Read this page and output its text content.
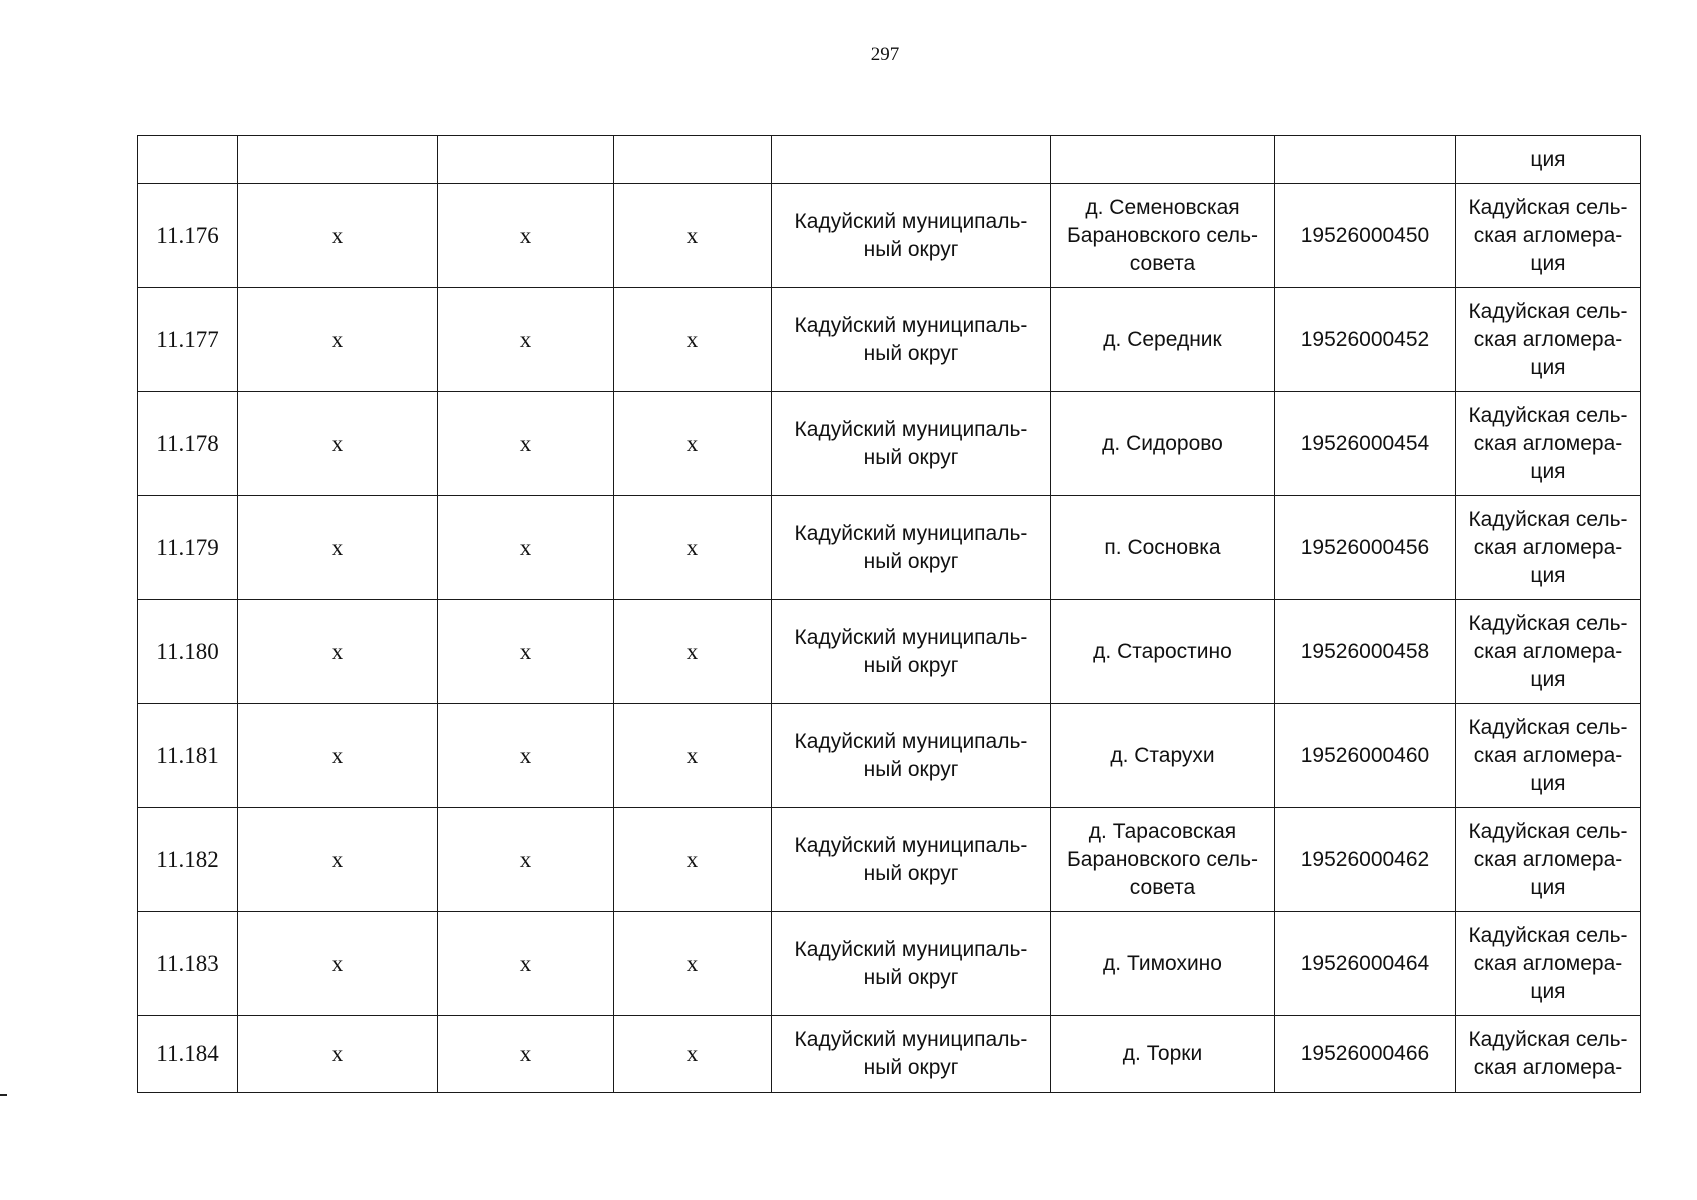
297
							ция
11.176	x	x	x	Кадуйский муниципаль-
ный округ	д. Семеновская
Барановского сель-
совета	19526000450	Кадуйская сель-
ская агломера-
ция
11.177	x	x	x	Кадуйский муниципаль-
ный округ	д. Середник	19526000452	Кадуйская сель-
ская агломера-
ция
11.178	x	x	x	Кадуйский муниципаль-
ный округ	д. Сидорово	19526000454	Кадуйская сель-
ская агломера-
ция
11.179	x	x	x	Кадуйский муниципаль-
ный округ	п. Сосновка	19526000456	Кадуйская сель-
ская агломера-
ция
11.180	x	x	x	Кадуйский муниципаль-
ный округ	д. Старостино	19526000458	Кадуйская сель-
ская агломера-
ция
11.181	x	x	x	Кадуйский муниципаль-
ный округ	д. Старухи	19526000460	Кадуйская сель-
ская агломера-
ция
11.182	x	x	x	Кадуйский муниципаль-
ный округ	д. Тарасовская
Барановского сель-
совета	19526000462	Кадуйская сель-
ская агломера-
ция
11.183	x	x	x	Кадуйский муниципаль-
ный округ	д. Тимохино	19526000464	Кадуйская сель-
ская агломера-
ция
11.184	x	x	x	Кадуйский муниципаль-
ный округ	д. Торки	19526000466	Кадуйская сель-
ская агломера-
